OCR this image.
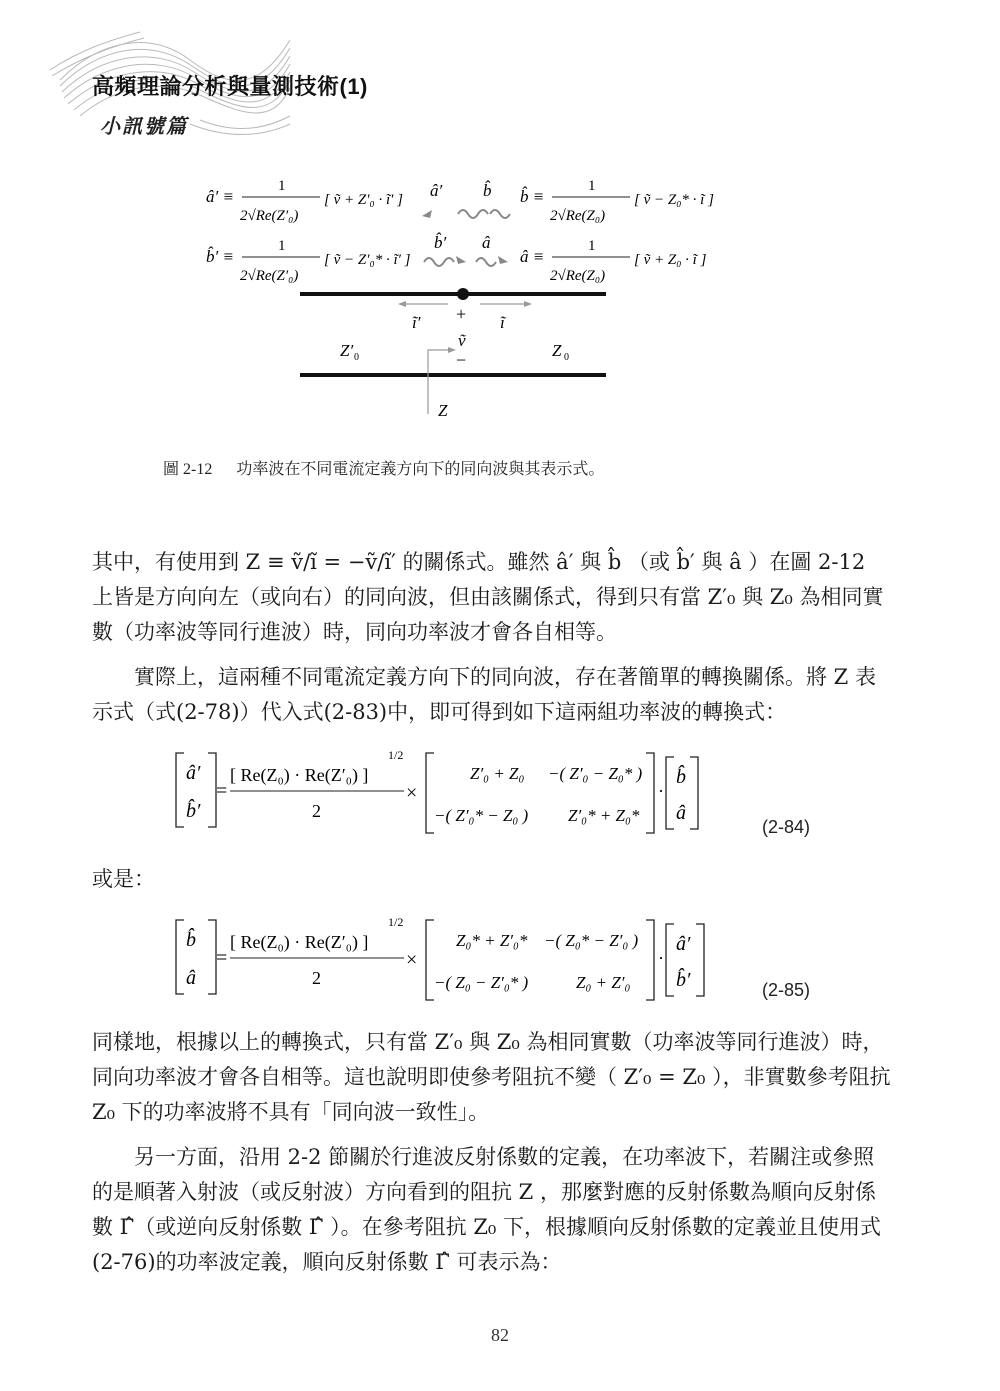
高頻理論分析與量測技術(1)
小訊號篇
â′ ≡
1
2√Re(Z′₀)
[ ṽ + Z′₀ · ĩ′ ] â′ b̂ b̂ ≡
1
2√Re(Z₀)
[ ṽ − Z₀* · ĩ ]
b̂′ ≡
1
2√Re(Z′₀)
[ ṽ − Z′₀* · ĩ′ ]
b̂′ â
â ≡
1
2√Re(Z₀)
[ ṽ + Z₀ · ĩ ]
ĩ′ + ĩ
ṽ
−
Z′ 0	Z 0
Z
圖 2-12 功率波在不同電流定義方向下的同向波與其表示式。
其中，有使用到 Z ≡ ṽ/ĩ = −ṽ/ĩ′ 的關係式。雖然 â′ 與 b̂ （或 b̂′ 與 â ）在圖 2-12 上皆是方向向左（或向右）的同向波，但由該關係式，得到只有當 Z′₀ 與 Z₀ 為相同實數（功率波等同行進波）時，同向功率波才會各自相等。
實際上，這兩種不同電流定義方向下的同向波，存在著簡單的轉換關係。將 Z 表示式（式(2-78)）代入式(2-83)中，即可得到如下這兩組功率波的轉換式：
â′
b̂′
=
[ Re(Z₀) · Re(Z′₀) ]
1/2
2
×
Z′₀ + Z₀ −( Z′₀ − Z₀* )
−( Z′₀* − Z₀ ) Z′₀* + Z₀*
·
b̂
â
(2-84)
或是：
b̂
â
=
[ Re(Z₀) · Re(Z′₀) ]
1/2
2
×
Z₀* + Z′₀* −( Z₀* − Z′₀ )
−( Z₀ − Z′₀* )	Z₀ + Z′₀
·
â′
b̂′	(2-85)
同樣地，根據以上的轉換式，只有當 Z′₀ 與 Z₀ 為相同實數（功率波等同行進波）時，同向功率波才會各自相等。這也說明即使參考阻抗不變（ Z′₀ = Z₀ ），非實數參考阻抗 Z₀ 下的功率波將不具有「同向波一致性」。
另一方面，沿用 2-2 節關於行進波反射係數的定義，在功率波下，若關注或參照的是順著入射波（或反射波）方向看到的阻抗 Z ，那麼對應的反射係數為順向反射係數 Γ̂（或逆向反射係數 Γ̂ ）。在參考阻抗 Z₀ 下，根據順向反射係數的定義並且使用式(2-76)的功率波定義，順向反射係數 Γ̂ 可表示為：
82
